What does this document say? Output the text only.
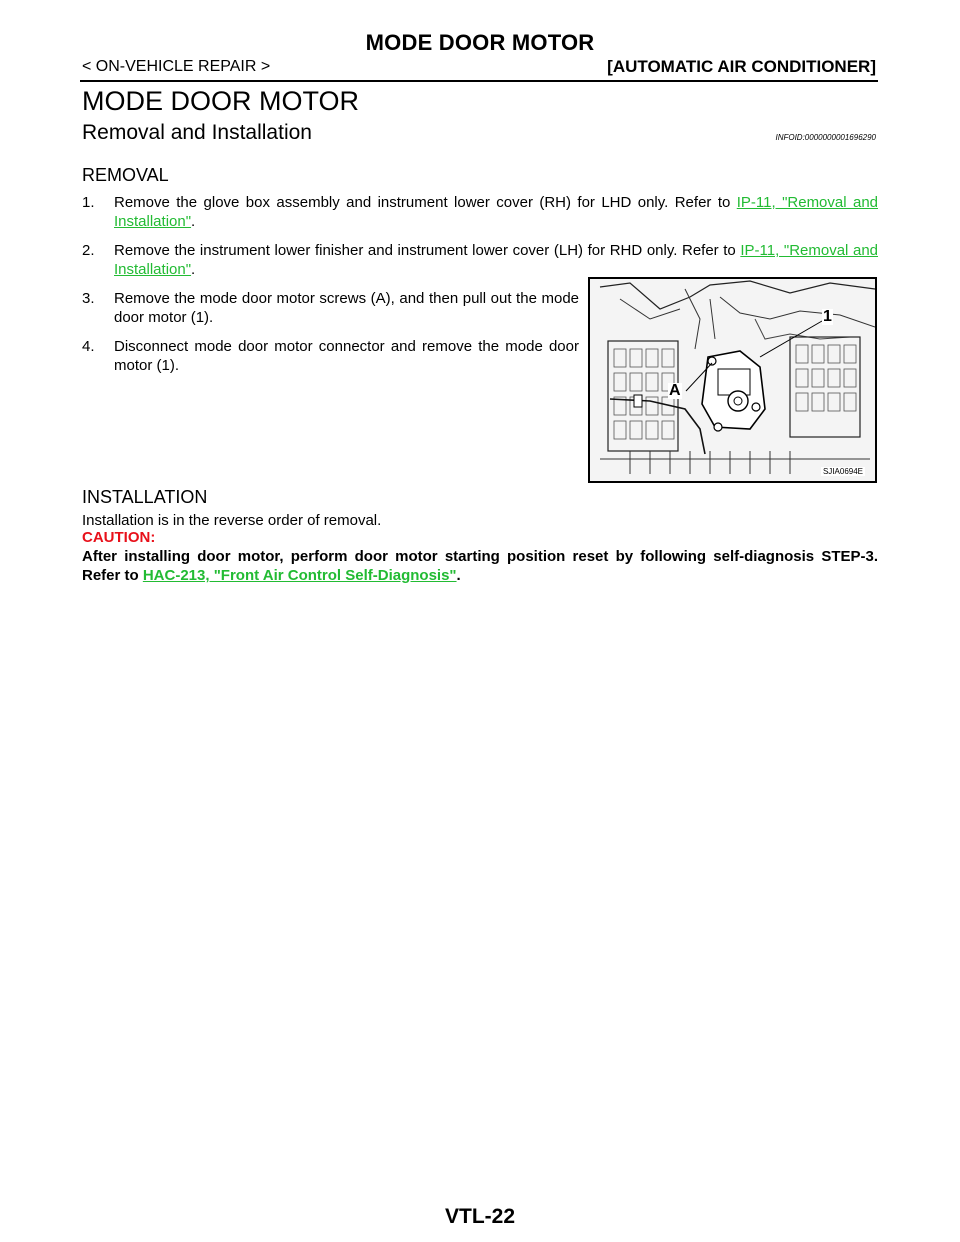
MODE DOOR MOTOR
< ON-VEHICLE REPAIR >	[AUTOMATIC AIR CONDITIONER]
MODE DOOR MOTOR
Removal and Installation	INFOID:0000000001696290
REMOVAL
1.	Remove the glove box assembly and instrument lower cover (RH) for LHD only. Refer to IP-11, "Removal and Installation".
2.	Remove the instrument lower finisher and instrument lower cover (LH) for RHD only. Refer to IP-11, "Removal and Installation".
3.	Remove the mode door motor screws (A), and then pull out the mode door motor (1).
4.	Disconnect mode door motor connector and remove the mode door motor (1).
1
A
SJIA0694E
INSTALLATION
Installation is in the reverse order of removal.
CAUTION:
After installing door motor, perform door motor starting position reset by following self-diagnosis STEP-3. Refer to HAC-213, "Front Air Control Self-Diagnosis".
VTL-22
